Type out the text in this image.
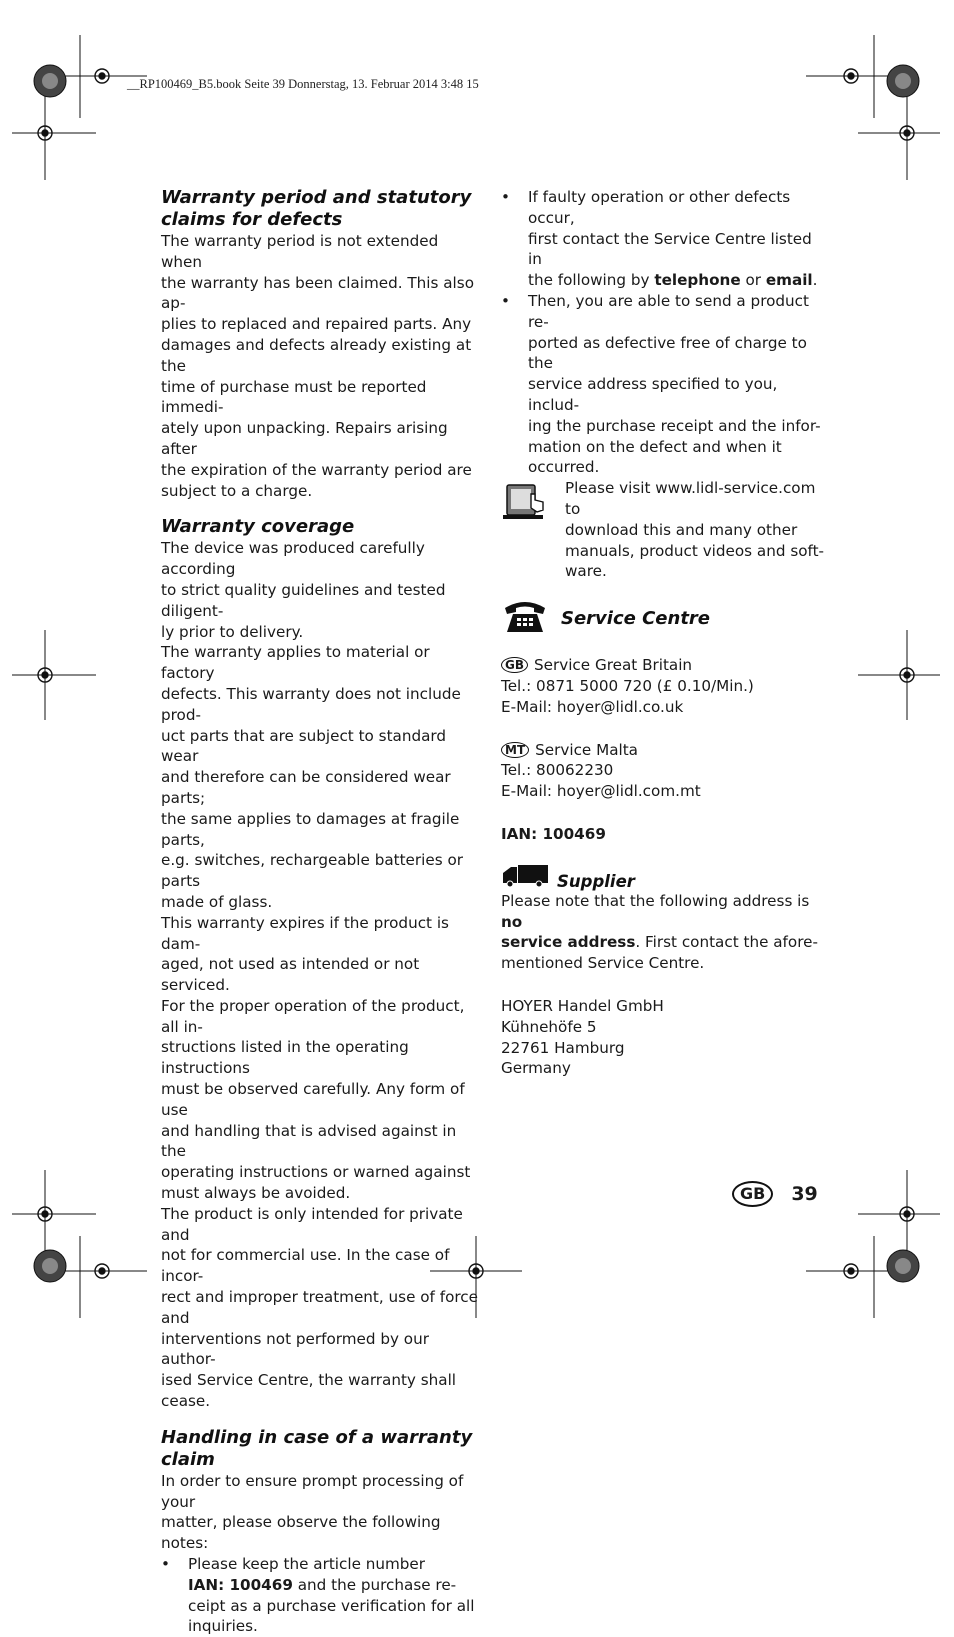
__RP100469_B5.book Seite 39 Donnerstag, 13. Februar 2014 3:48 15

Warranty period and statutory claims for defects

The warranty period is not extended when
the warranty has been claimed. This also ap-
plies to replaced and repaired parts. Any
damages and defects already existing at the
time of purchase must be reported immedi-
ately upon unpacking. Repairs arising after
the expiration of the warranty period are
subject to a charge.

Warranty coverage

The device was produced carefully according
to strict quality guidelines and tested diligent-
ly prior to delivery.
The warranty applies to material or factory
defects. This warranty does not include prod-
uct parts that are subject to standard wear
and therefore can be considered wear parts;
the same applies to damages at fragile parts,
e.g. switches, rechargeable batteries or parts
made of glass.
This warranty expires if the product is dam-
aged, not used as intended or not serviced.
For the proper operation of the product, all in-
structions listed in the operating instructions
must be observed carefully. Any form of use
and handling that is advised against in the
operating instructions or warned against
must always be avoided.
The product is only intended for private and
not for commercial use. In the case of incor-
rect and improper treatment, use of force and
interventions not performed by our author-
ised Service Centre, the warranty shall cease.

Handling in case of a warranty claim

In order to ensure prompt processing of your
matter, please observe the following notes:
• Please keep the article number
IAN: 100469 and the purchase re-
ceipt as a purchase verification for all
inquiries.
• If faulty operation or other defects occur,
first contact the Service Centre listed in
the following by telephone or email.
• Then, you are able to send a product re-
ported as defective free of charge to the
service address specified to you, includ-
ing the purchase receipt and the infor-
mation on the defect and when it
occurred.
Please visit www.lidl-service.com to
download this and many other
manuals, product videos and soft-
ware.

Service Centre

GB Service Great Britain
Tel.: 0871 5000 720 (£ 0.10/Min.)
E-Mail: hoyer@lidl.co.uk
MT Service Malta
Tel.: 80062230
E-Mail: hoyer@lidl.com.mt
IAN: 100469

Supplier

Please note that the following address is no
service address. First contact the afore-
mentioned Service Centre.
HOYER Handel GmbH
Kühnehöfe 5
22761 Hamburg
Germany
GB	39
